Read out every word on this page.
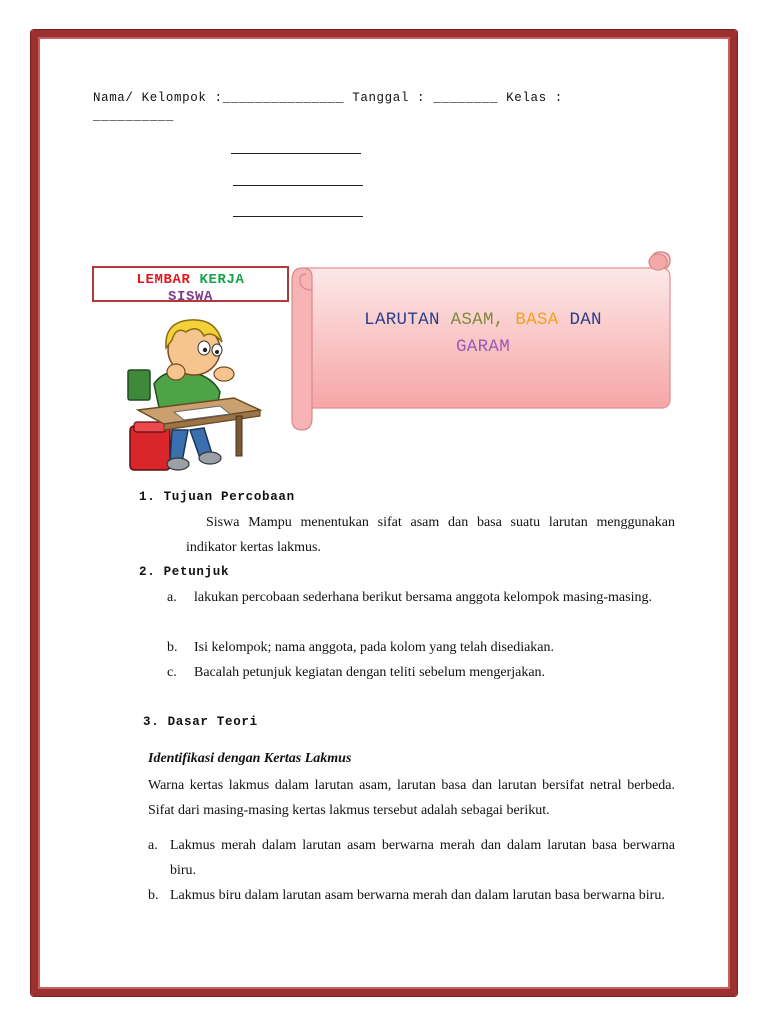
Nama/ Kelompok :_______________ Tanggal : ________ Kelas :
__________
LEMBAR KERJA
SISWA
LARUTAN ASAM, BASA DAN
GARAM
1. Tujuan Percobaan
Siswa Mampu menentukan sifat asam dan basa suatu larutan menggunakan indikator kertas lakmus.
2. Petunjuk
a. lakukan percobaan sederhana berikut bersama anggota kelompok masing-masing.
b. Isi kelompok; nama anggota, pada kolom yang telah disediakan.
c. Bacalah petunjuk kegiatan dengan teliti sebelum mengerjakan.
3. Dasar Teori
Identifikasi dengan Kertas Lakmus
Warna kertas lakmus dalam larutan asam, larutan basa dan larutan bersifat netral berbeda. Sifat dari masing-masing kertas lakmus tersebut adalah sebagai berikut.
a. Lakmus merah dalam larutan asam berwarna merah dan dalam larutan basa berwarna biru.
b. Lakmus biru dalam larutan asam berwarna merah dan dalam larutan basa berwarna biru.
